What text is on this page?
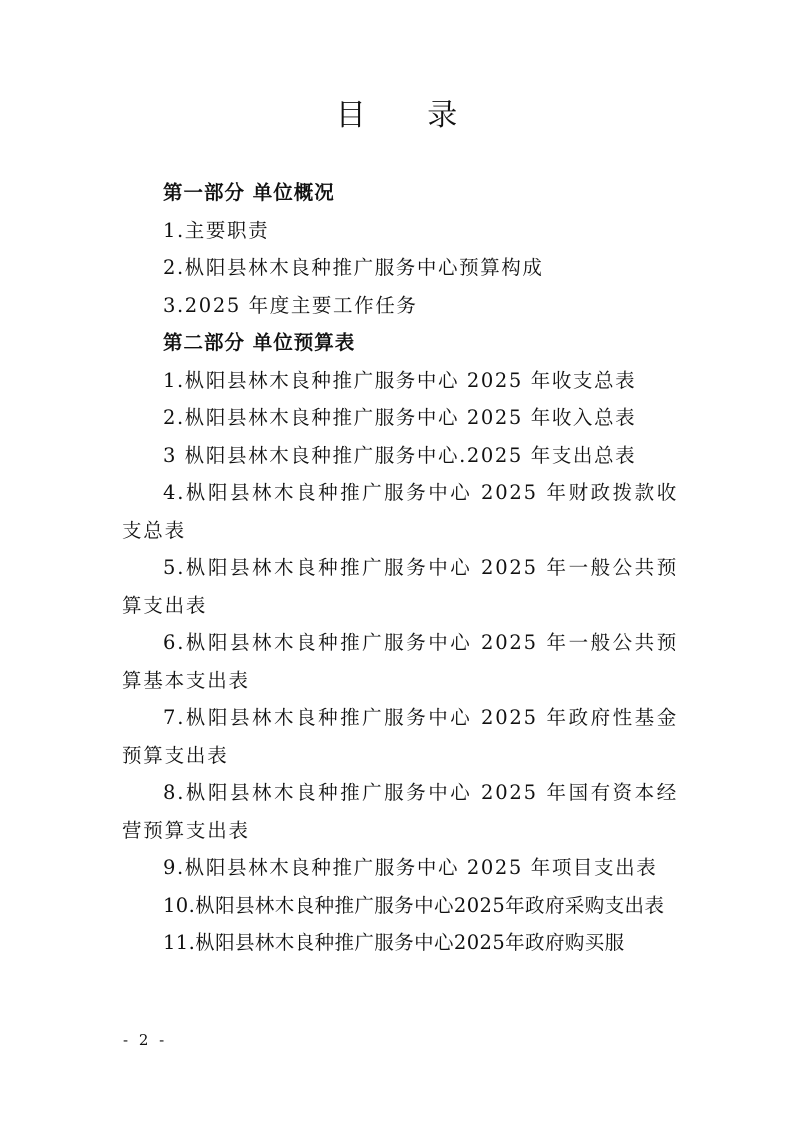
目 录
第一部分 单位概况
1.主要职责
2.枞阳县林木良种推广服务中心预算构成
3.2025 年度主要工作任务
第二部分 单位预算表
1.枞阳县林木良种推广服务中心 2025 年收支总表
2.枞阳县林木良种推广服务中心 2025 年收入总表
3 枞阳县林木良种推广服务中心.2025 年支出总表
4.枞阳县林木良种推广服务中心 2025 年财政拨款收支总表
5.枞阳县林木良种推广服务中心 2025 年一般公共预算支出表
6.枞阳县林木良种推广服务中心 2025 年一般公共预算基本支出表
7.枞阳县林木良种推广服务中心 2025 年政府性基金预算支出表
8.枞阳县林木良种推广服务中心 2025 年国有资本经营预算支出表
9.枞阳县林木良种推广服务中心 2025 年项目支出表
10.枞阳县林木良种推广服务中心2025年政府采购支出表
11.枞阳县林木良种推广服务中心2025年政府购买服
- 2 -
